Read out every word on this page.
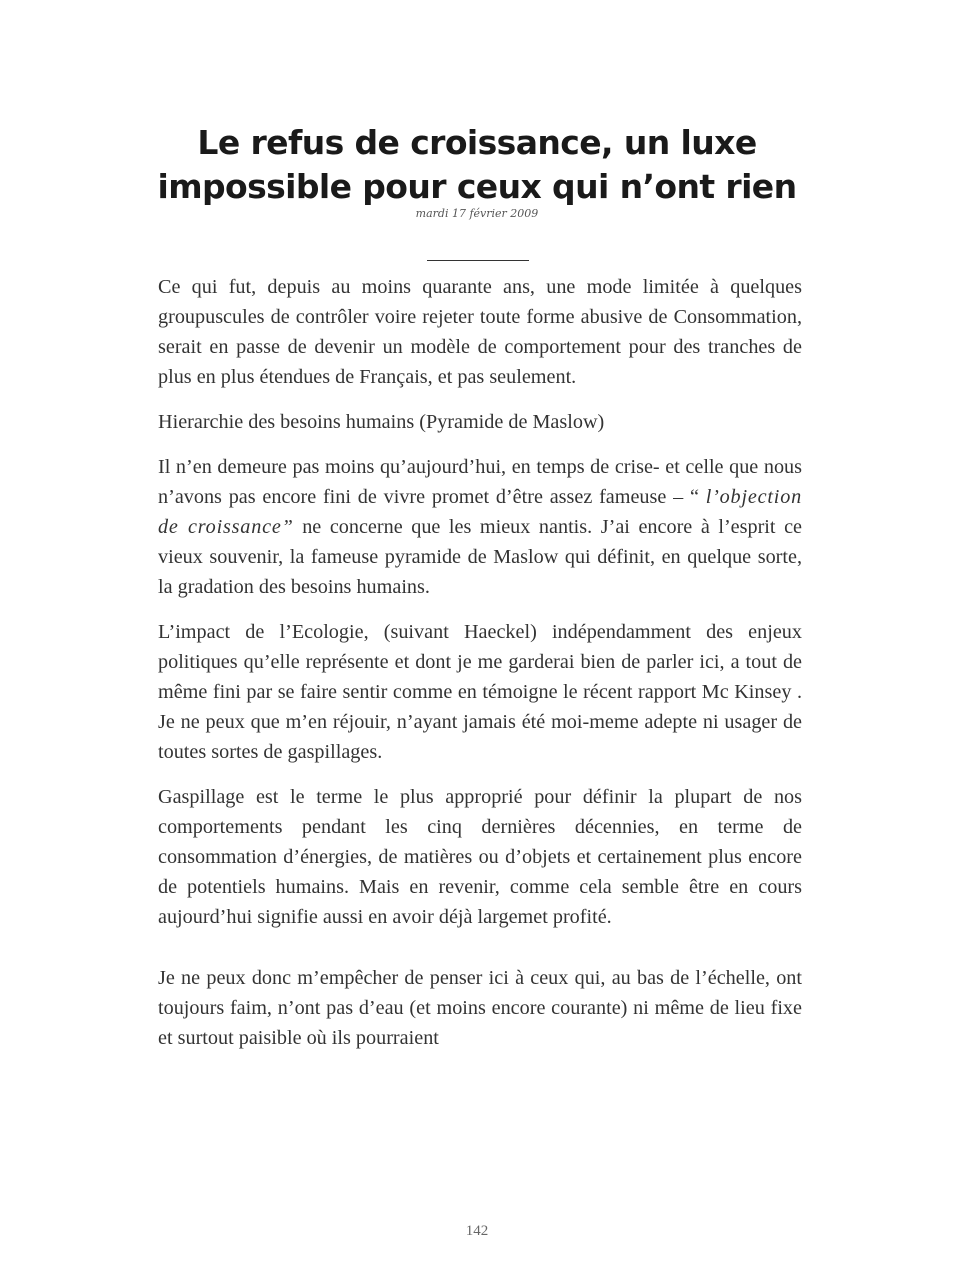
Le refus de croissance, un luxe
impossible pour ceux qui n’ont rien
mardi 17 février 2009

Ce qui fut, depuis au moins quarante ans, une mode limitée à quelques groupuscules de contrôler voire rejeter toute forme abusive de Consommation, serait en passe de devenir un modèle de comportement pour des tranches de plus en plus étendues de Français, et pas seulement.

Hierarchie des besoins humains (Pyramide de Maslow)

Il n’en demeure pas moins qu’aujourd’hui, en temps de crise- et celle que nous n’avons pas encore fini de vivre promet d’être assez fameuse – “ l’objection de croissance” ne concerne que les mieux nantis. J’ai encore à l’esprit ce vieux souvenir, la fameuse pyramide de Maslow qui définit, en quelque sorte, la gradation des besoins humains.

L’impact de l’Ecologie, (suivant Haeckel) indépendamment des enjeux politiques qu’elle représente et dont je me garderai bien de parler ici, a tout de même fini par se faire sentir comme en témoigne le récent rapport Mc Kinsey . Je ne peux que m’en réjouir, n’ayant jamais été moi-meme adepte ni usager de toutes sortes de gaspillages.

Gaspillage est le terme le plus approprié pour définir la plupart de nos comportements pendant les cinq dernières décennies, en terme de consommation d’énergies, de matières ou d’objets et certainement plus encore de potentiels humains. Mais en revenir, comme cela semble être en cours aujourd’hui signifie aussi en avoir déjà largemet profité.

Je ne peux donc m’empêcher de penser ici à ceux qui, au bas de l’échelle, ont toujours faim, n’ont pas d’eau (et moins encore courante) ni même de lieu fixe et surtout paisible où ils pourraient

142
